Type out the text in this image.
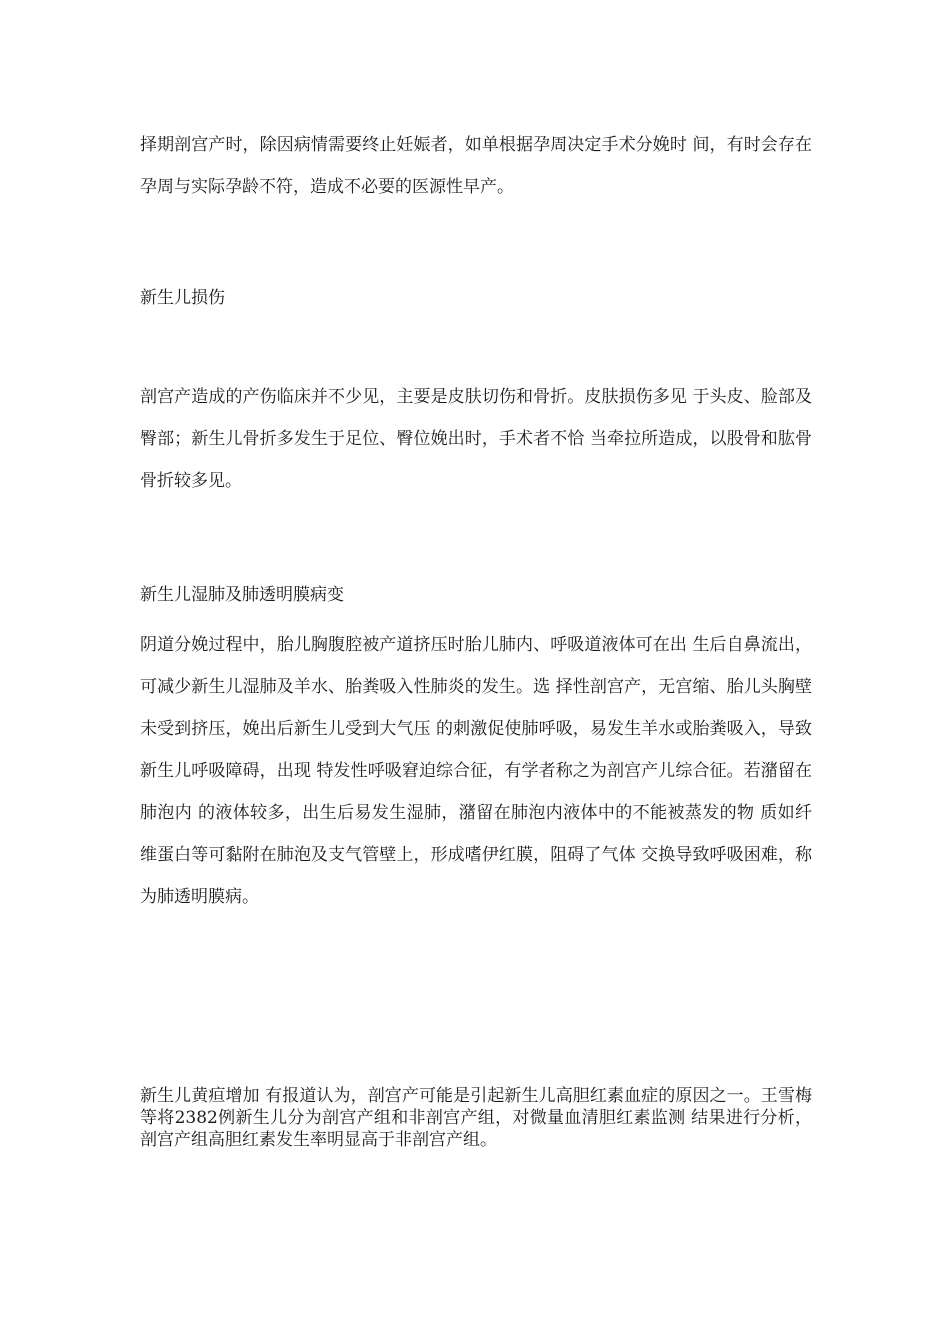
择期剖宫产时，除因病情需要终止妊娠者，如单根据孕周决定手术分娩时 间，有时会存在孕周与实际孕龄不符，造成不必要的医源性早产。

新生儿损伤

剖宫产造成的产伤临床并不少见，主要是皮肤切伤和骨折。皮肤损伤多见 于头皮、脸部及臀部；新生儿骨折多发生于足位、臀位娩出时，手术者不恰 当牵拉所造成，以股骨和肱骨骨折较多见。

新生儿湿肺及肺透明膜病变

阴道分娩过程中，胎儿胸腹腔被产道挤压时胎儿肺内、呼吸道液体可在出 生后自鼻流出，可减少新生儿湿肺及羊水、胎粪吸入性肺炎的发生。选 择性剖宫产，无宫缩、胎儿头胸壁未受到挤压，娩出后新生儿受到大气压 的刺激促使肺呼吸，易发生羊水或胎粪吸入，导致新生儿呼吸障碍，出现 特发性呼吸窘迫综合征，有学者称之为剖宫产儿综合征。若潴留在肺泡内 的液体较多，出生后易发生湿肺，潴留在肺泡内液体中的不能被蒸发的物 质如纤维蛋白等可黏附在肺泡及支气管壁上，形成嗜伊红膜，阻碍了气体 交换导致呼吸困难，称为肺透明膜病。

新生儿黄疸增加 有报道认为，剖宫产可能是引起新生儿高胆红素血症的原因之一。王雪梅 等将2382例新生儿分为剖宫产组和非剖宫产组，对微量血清胆红素监测 结果进行分析，剖宫产组高胆红素发生率明显高于非剖宫产组。
